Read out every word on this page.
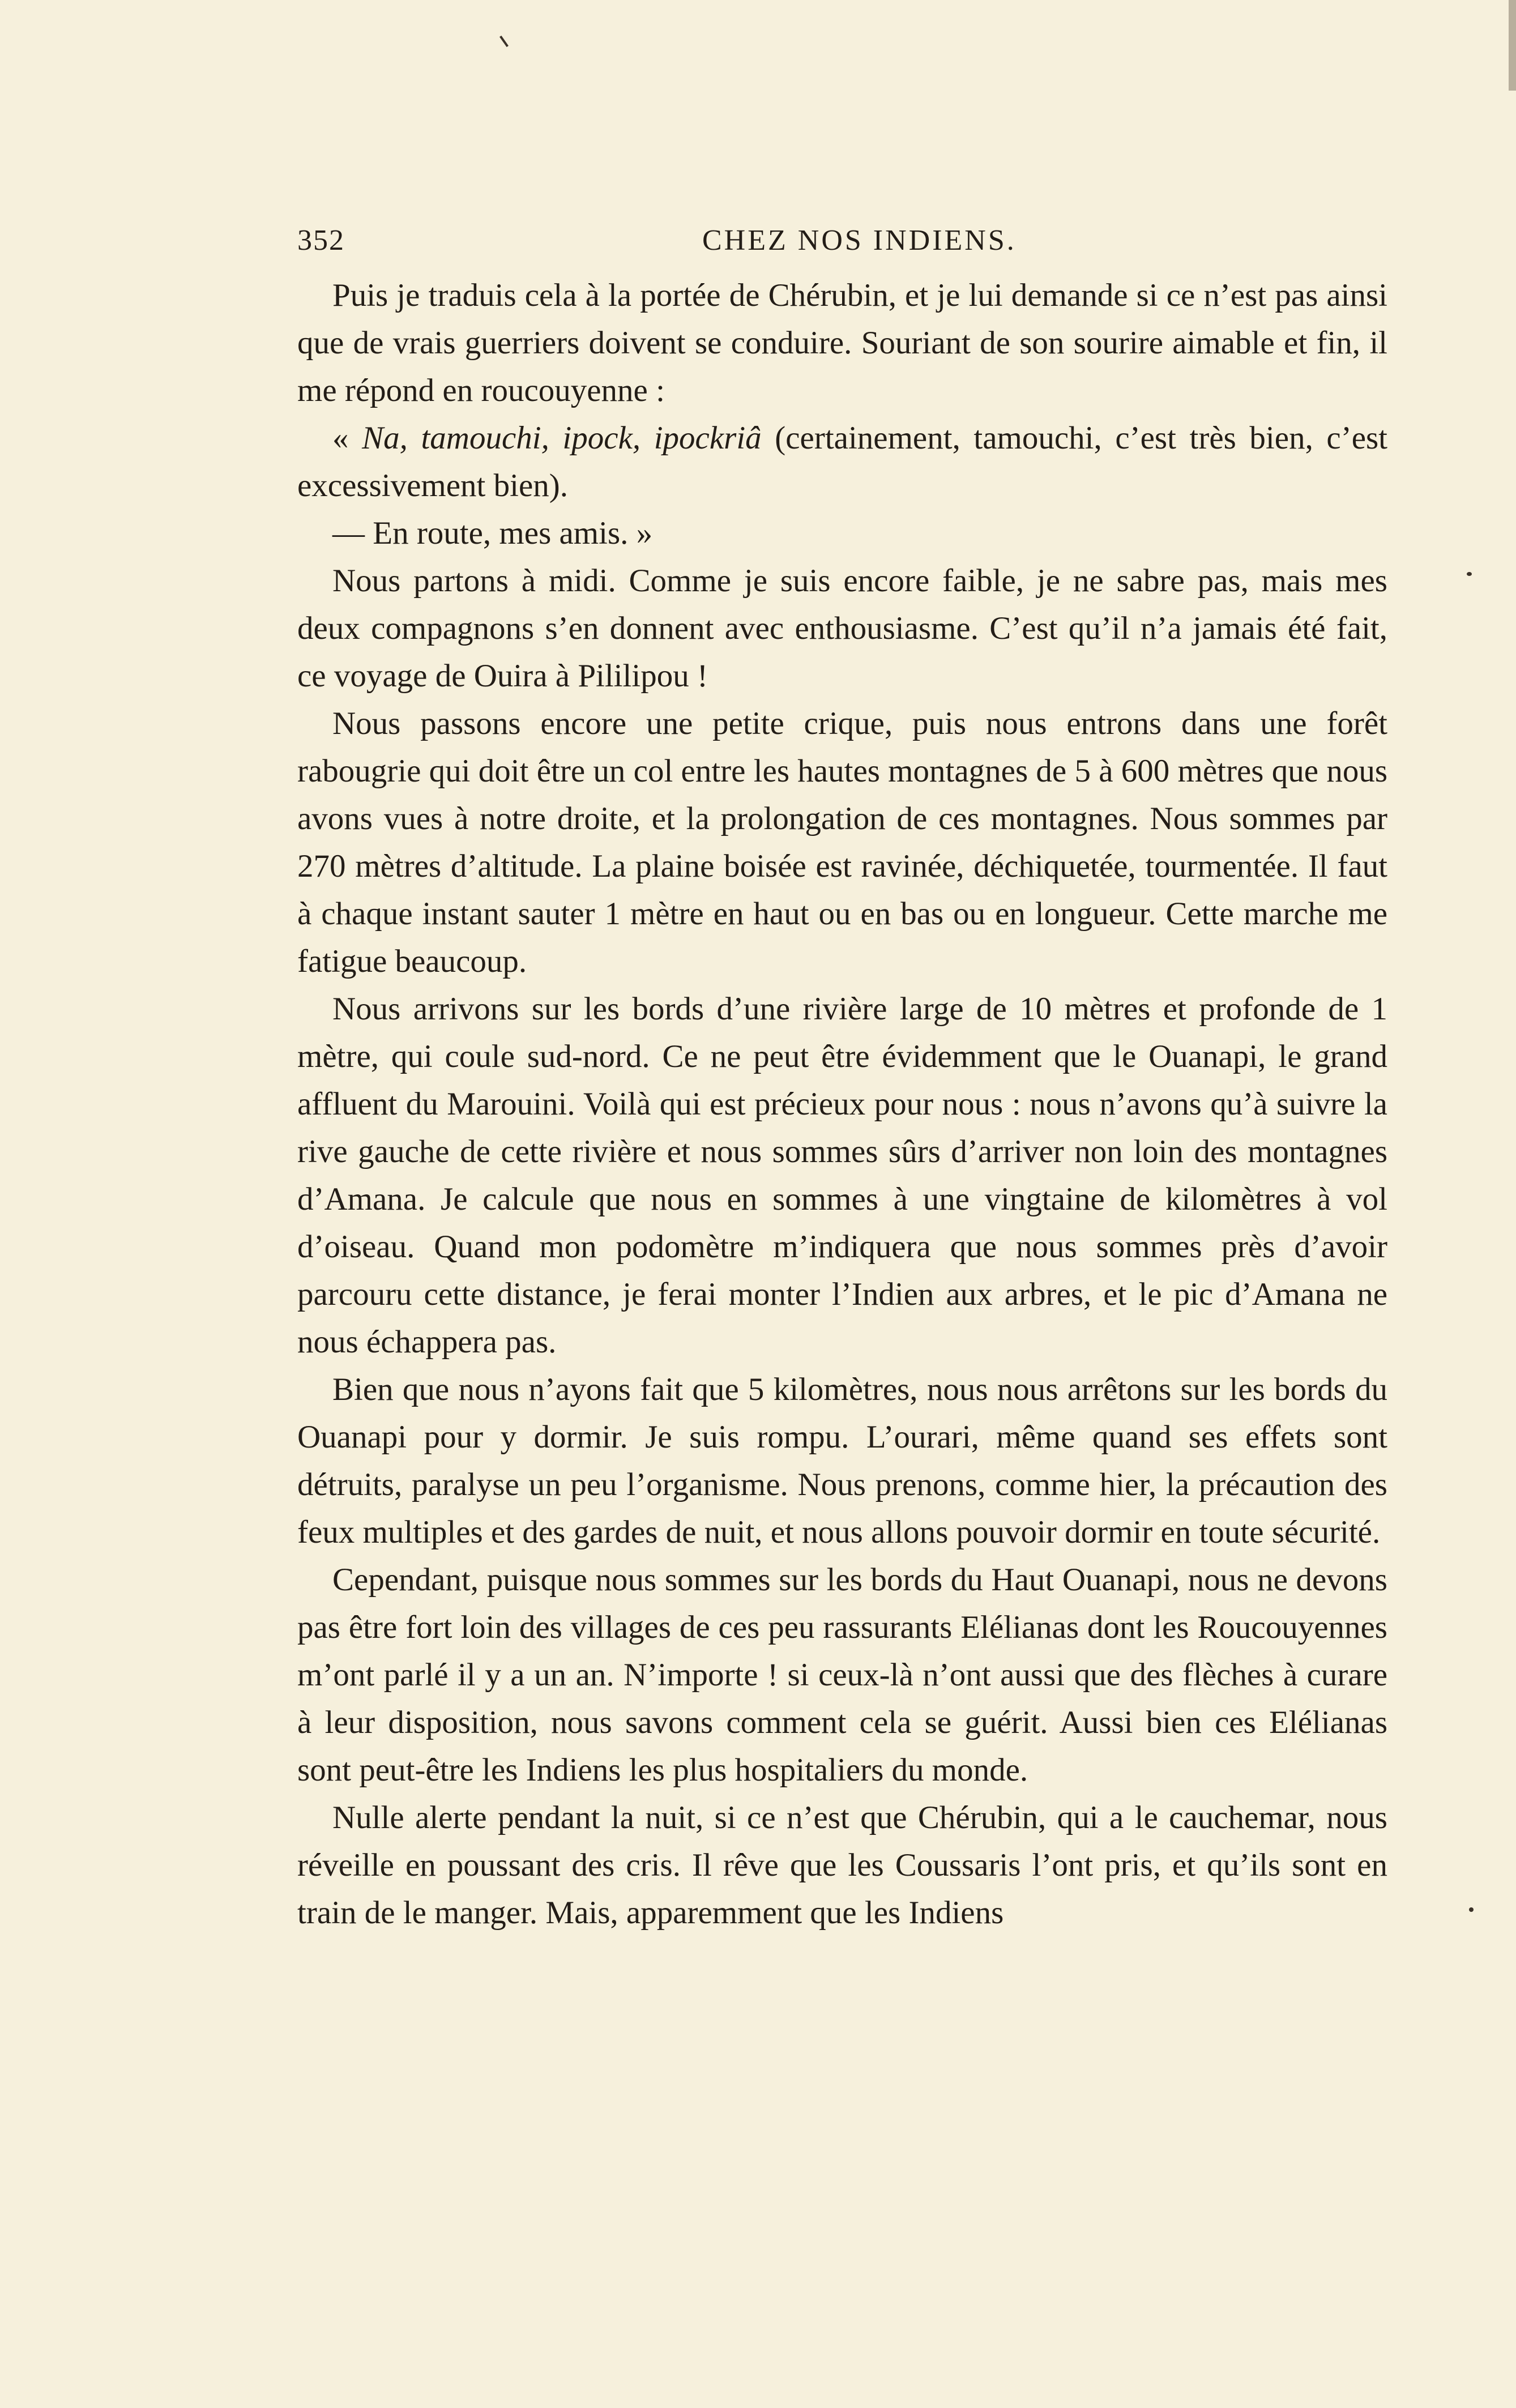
352	CHEZ NOS INDIENS.

Puis je traduis cela à la portée de Chérubin, et je lui demande si ce n’est pas ainsi que de vrais guerriers doivent se conduire. Souriant de son sourire aimable et fin, il me répond en roucouyenne :

« Na, tamouchi, ipock, ipockriâ (certainement, tamouchi, c’est très bien, c’est excessivement bien).

— En route, mes amis. »

Nous partons à midi. Comme je suis encore faible, je ne sabre pas, mais mes deux compagnons s’en donnent avec enthousiasme. C’est qu’il n’a jamais été fait, ce voyage de Ouira à Pililipou !

Nous passons encore une petite crique, puis nous entrons dans une forêt rabougrie qui doit être un col entre les hautes montagnes de 5 à 600 mètres que nous avons vues à notre droite, et la prolongation de ces montagnes. Nous sommes par 270 mètres d’altitude. La plaine boisée est ravinée, déchiquetée, tourmentée. Il faut à chaque instant sauter 1 mètre en haut ou en bas ou en longueur. Cette marche me fatigue beaucoup.

Nous arrivons sur les bords d’une rivière large de 10 mètres et profonde de 1 mètre, qui coule sud-nord. Ce ne peut être évidemment que le Ouanapi, le grand affluent du Marouini. Voilà qui est précieux pour nous : nous n’avons qu’à suivre la rive gauche de cette rivière et nous sommes sûrs d’arriver non loin des montagnes d’Amana. Je calcule que nous en sommes à une vingtaine de kilomètres à vol d’oiseau. Quand mon podomètre m’indiquera que nous sommes près d’avoir parcouru cette distance, je ferai monter l’Indien aux arbres, et le pic d’Amana ne nous échappera pas.

Bien que nous n’ayons fait que 5 kilomètres, nous nous arrêtons sur les bords du Ouanapi pour y dormir. Je suis rompu. L’ourari, même quand ses effets sont détruits, paralyse un peu l’organisme. Nous prenons, comme hier, la précaution des feux multiples et des gardes de nuit, et nous allons pouvoir dormir en toute sécurité.

Cependant, puisque nous sommes sur les bords du Haut Ouanapi, nous ne devons pas être fort loin des villages de ces peu rassurants Elélianas dont les Roucouyennes m’ont parlé il y a un an. N’importe ! si ceux-là n’ont aussi que des flèches à curare à leur disposition, nous savons comment cela se guérit. Aussi bien ces Elélianas sont peut-être les Indiens les plus hospitaliers du monde.

Nulle alerte pendant la nuit, si ce n’est que Chérubin, qui a le cauchemar, nous réveille en poussant des cris. Il rêve que les Coussaris l’ont pris, et qu’ils sont en train de le manger. Mais, apparemment que les Indiens
